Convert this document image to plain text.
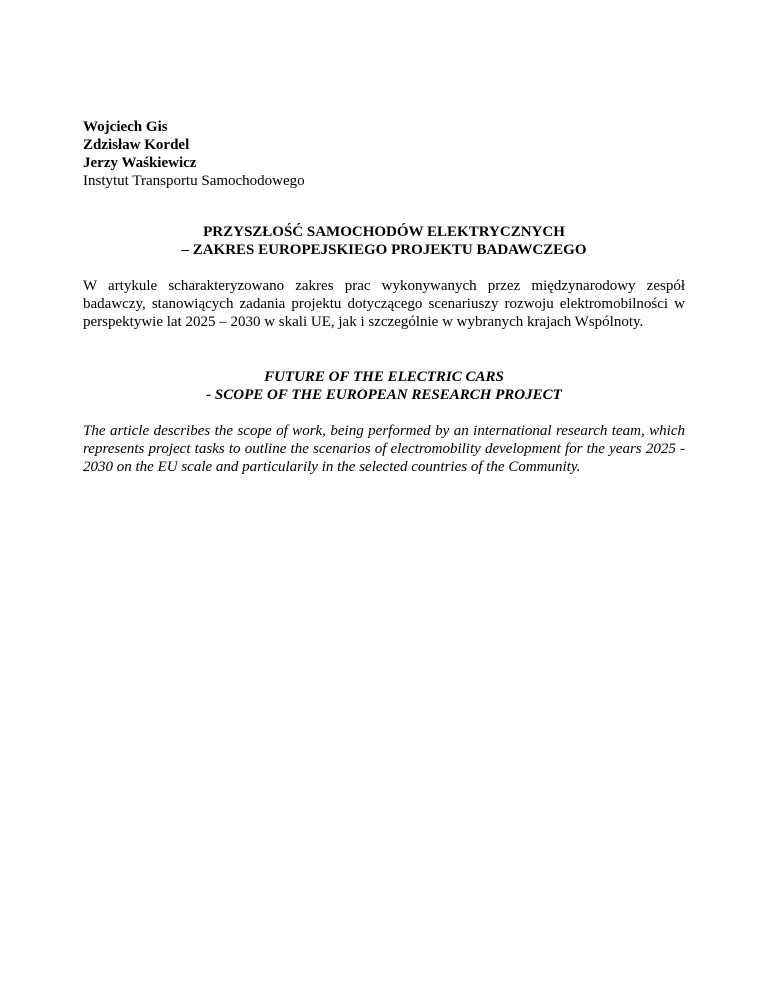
Wojciech Gis
Zdzisław Kordel
Jerzy Waśkiewicz
Instytut Transportu Samochodowego
PRZYSZŁOŚĆ SAMOCHODÓW ELEKTRYCZNYCH
– ZAKRES EUROPEJSKIEGO PROJEKTU BADAWCZEGO
W artykule scharakteryzowano zakres prac wykonywanych przez międzynarodowy zespół badawczy, stanowiących zadania projektu dotyczącego scenariuszy rozwoju elektromobilności w perspektywie lat 2025 – 2030 w skali UE, jak i szczególnie w wybranych krajach Wspólnoty.
FUTURE OF THE ELECTRIC CARS
- SCOPE OF THE EUROPEAN RESEARCH PROJECT
The article describes the scope of work, being performed by an international research team, which represents project tasks to outline the scenarios of electromobility development for the years 2025 - 2030 on the EU scale and particularily in the selected countries of the Community.
